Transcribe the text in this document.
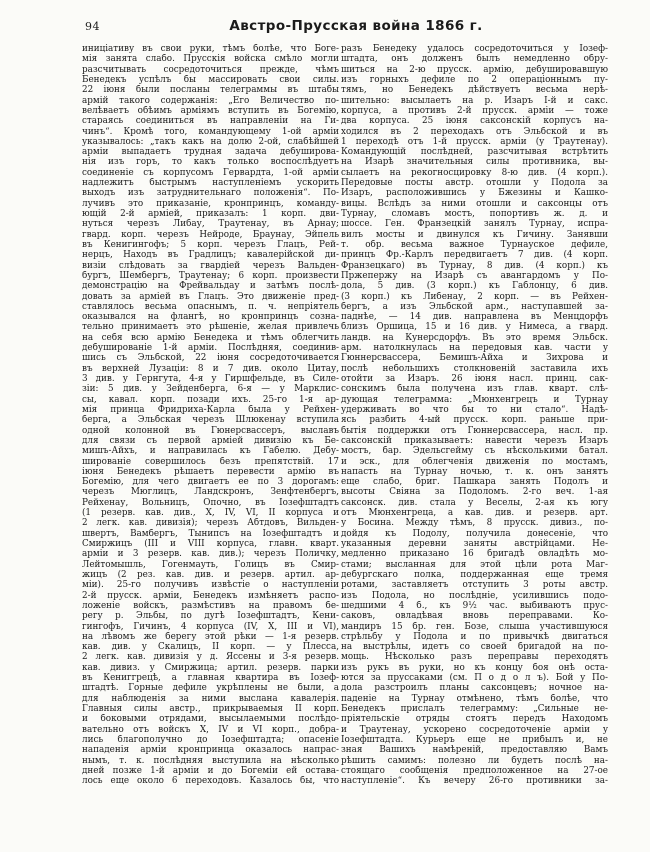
94	Австро-Прусская война 1866 г.
иниціативу въ свои руки, тѣмъ болѣе, что Боге-
мія занята слабо. Прусскія войска смѣло могли
разсчитывать сосредоточиться прежде, чѣмъ
Бенедекъ успѣлъ бы массировать свои силы.
22 іюня были посланы телеграммы въ штабы
армій такого содержанія: „Его Величество по-
велѣваетъ обѣимъ арміямъ вступить въ Богемію,
стараясь соединиться въ направленіи на Ги-
чинъ“. Кромѣ того, командующему 1-ой арміи
указывалось: „такъ какъ на долю 2-ой, слабѣйшей
арміи выпадаетъ трудная задача дебуширова-
нія изъ горъ, то какъ только воспослѣдуетъ
соединеніе съ корпусомъ Гервардта, 1-ой арміи
надлежитъ быстрымъ наступленіемъ ускорить
выходъ изъ затруднительнаго положенія“. По-
лучивъ это приказаніе, кронпринцъ, команду-
ющій 2-й арміей, приказалъ: 1 корп. дви-
нуться черезъ Либау, Траутенау, въ Арнау;
гвард. корп. черезъ Нейроде, Браунау, Эйпель
въ Кенигингофъ; 5 корп. черезъ Глацъ, Рей-
нерцъ, Находъ въ Градлицъ; кавалерійской ди-
визіи слѣдовать за гвардіей черезъ Вальден-
бургъ, Шембергъ, Траутенау; 6 корп. произвести
демонстрацію на Фрейвальдау и затѣмъ послѣ-
довать за арміей въ Глацъ. Это движеніе пред-
ставлялось весьма опаснымъ, п. ч. непріятель
оказывался на флангѣ, но кронпринцъ созна-
тельно принимаетъ это рѣшеніе, желая привлечь
на себя всю армію Бенедека и тѣмъ облегчить
дебушированіе 1-й арміи. Послѣдняя, соединив-
шись съ Эльбской, 22 іюня сосредоточивается
въ верхней Лузаціи: 8 и 7 див. около Цитау,
3 див. у Гернгута, 4-я у Гиршфельде, въ Силе-
зіи: 5 див. у Зейденберга, 6-я — у Марклис-
сы, кавал. корп. позади ихъ. 25-го 1-я ар-
мія принца Фридриха-Карла была у Рейхен-
берга, а Эльбская черезъ Шлюкенау вступила
одной колонной въ Гюнерсвассеръ, выславъ
для связи съ первой арміей дивизію къ Бе-
мишъ-Айхъ, и направилась къ Габелю. Дебу-
шированіе совершилось безъ препятствій. 17
іюня Бенедекъ рѣшаетъ перевести армію въ
Богемію, для чего двигаетъ ее по 3 дорогамъ:
черезъ Мюглицъ, Ландскронъ, Зенфтенбергъ,
Рейхенау, Вольницъ, Опочно, въ Іозефштадтъ
(1 резерв. кав. див., X, IV, VI, II корпуса и
2 легк. кав. дивизія); черезъ Абтдовъ, Вильден-
швертъ, Вамбергъ, Тынипсъ на Іозефштадтъ и
Смиржицъ (III и VIII корпуса, главн. кварт.
арміи и 3 резерв. кав. див.); черезъ Поличку,
Лейтомышль, Гогенмауть, Голицъ въ Смир-
жицъ (2 рез. кав. див. и резерв. артил. ар-
міи). 25-го получивъ извѣстіе о наступленіи
2-й прусск. арміи, Бенедекъ измѣняетъ распо-
ложеніе войскъ, размѣстивъ на правомъ бе-
регу р. Эльбы, по дугѣ Іозефштадтъ, Кени-
гингофъ, Гичинъ, 4 корпуса (IV, X, III и VI),
на лѣвомъ же берегу этой рѣки — 1-я резерв.
кав. див. у Скалицъ, II корп. — у Плесса,
2 легк. кав. дивизія у д. Яссены и 3-я резерв.
кав. дивиз. у Смиржица; артил. резерв. парки
въ Кениггрецѣ, а главная квартира въ Іозеф-
штадтѣ. Горные дефиле укрѣплены не были, а
для наблюденія за ними выслана кавалерія.
Главныя силы австр., прикрываемыя II корп.
и боковыми отрядами, высылаемыми послѣдо-
вательно отъ войскъ X, IV и VI корп., добра-
лись благополучно до Іозефштадта; опасеніе
нападенія арміи кронпринца оказалось напрас-
нымъ, т. к. послѣдняя выступила на нѣсколько
дней позже 1-й арміи и до Богеміи ей остава-
лось еще около 6 переходовъ. Казалось бы, что
разъ Бенедеку удалось сосредоточиться у Іозеф-
штадта, онъ долженъ былъ немедленно обру-
шиться на 2-ю прусск. армію, дебушировавшую
изъ горныхъ дефиле по 2 операціоннымъ пу-
тямъ, но Бенедекъ дѣйствуетъ весьма нерѣ-
шительно: высылаетъ на р. Изаръ I-й и сакс.
корпуса, а противъ 2-й прусск. арміи — тоже
два корпуса. 25 іюня саксонскій корпусъ на-
ходился въ 2 переходахъ отъ Эльбской и въ
1 переходѣ отъ 1-й прусск. арміи (у Траутенау).
Командующій послѣдней, разсчитывая встрѣтить
на Изарѣ значительныя силы противника, вы-
сылаетъ на рекогносцировку 8-ю див. (4 корп.).
Передовые посты австр. отошли у Подола за
Изаръ, расположившись у Бжезины и Кашко-
вицы. Вслѣдъ за ними отошли и саксонцы отъ
Турнау, сломавъ мостъ, попортивъ ж. д. и
шоссе. Ген. Франзецкій занялъ Турнау, испра-
вилъ мосты и двинулся къ Гичину. Занявши
т. обр. весьма важное Турнауское дефиле,
принцъ Фр.-Карлъ передвигаетъ 7 див. (4 корп.
Франзецкаго) въ Турнау, 8 див. (4 корп.) къ
Пржепержу на Изарѣ съ авангардомъ у По-
дола, 5 див. (3 корп.) къ Габлонцу, 6 див.
(3 корп.) къ Либенау, 2 корп. — въ Рейхен-
бергъ, а изъ Эльбской арм., наступавшей за-
паднѣе, — 14 див. направлена въ Менцдорфъ
близъ Оршица, 15 и 16 див. у Нимеса, а гвард.
ландв. на Кунерсдорфъ. Въ это время Эльбск.
арм. натолкнулась на передовыя кав. части у
Гюннерсвассера, Бемишъ-Айха и Зихрова и
послѣ небольшихъ столкновеній заставила ихъ
отойти за Изаръ. 26 іюня насл. принц. сак-
сонскимъ была получена изъ глав. кварт. слѣ-
дующая телеграмма: „Мюнхенгрецъ и Турнау
удерживать во что бы то ни стало“. Надѣ-
ясь разбить 4-ый прусск. корп. раньше при-
бытія поддержки отъ Гюннерсвассера, насл. пр.
саксонскій приказываетъ: навести черезъ Изаръ
мостъ, бар. Эдельсгейму съ нѣсколькими батал.
и эск., для облегченія движенія по мостамъ,
напасть на Турнау ночью, т. к. онъ занятъ
еще слабо, бриг. Пашкара занять Подолъ и
высоты Свіяна за Подоломъ. 2-го веч. 1-ая
саксонск. див. стала у Веселы, 2-ая къ югу
отъ Мюнхенгреца, а кав. див. и резерв. арт.
у Босина. Между тѣмъ, 8 прусск. дивиз., по-
дойдя къ Подолу, получила донесеніе, что
указанныя деревни заняты австрійцами. Не-
медленно приказано 16 бригадѣ овладѣть мо-
стами; высланная для этой цѣли рота Маг-
дебургскаго полка, поддержанная еще тремя
ротами, заставляетъ отступить 3 роты австр.
изъ Подола, но послѣдніе, усилившись подо-
шедшими 4 б., къ 9½ час. выбиваютъ прус-
саковъ, овладѣвая вновь переправами. Ко-
мандиръ 15 бр. ген. Бозе, слыша участившуюся
стрѣльбу у Подола и по привычкѣ двигаться
на выстрѣлы, идетъ со своей бригадой на по-
мощь. Нѣсколько разъ переправы переходятъ
изъ рукъ въ руки, но къ концу боя онѣ оста-
ются за пруссаками (см. П о д о л ъ). Бой у По-
дола разстроилъ планы саксонцевъ; ночное на-
паденіе на Турнау отмѣнено, тѣмъ болѣе, что
Бенедекъ прислалъ телеграмму: „Сильные не-
пріятельскіе отряды стоятъ передъ Находомъ
и Траутенау, ускорено сосредоточеніе арміи у
Іозефштадта. Курьеръ еще не прибылъ и, не
зная Вашихъ намѣреній, предоставляю Вамъ
рѣшить самимъ: полезно ли будетъ послѣ на-
стоящаго сообщенія предположенное на 27-ое
наступленіе“. Къ вечеру 26-го противники за-
